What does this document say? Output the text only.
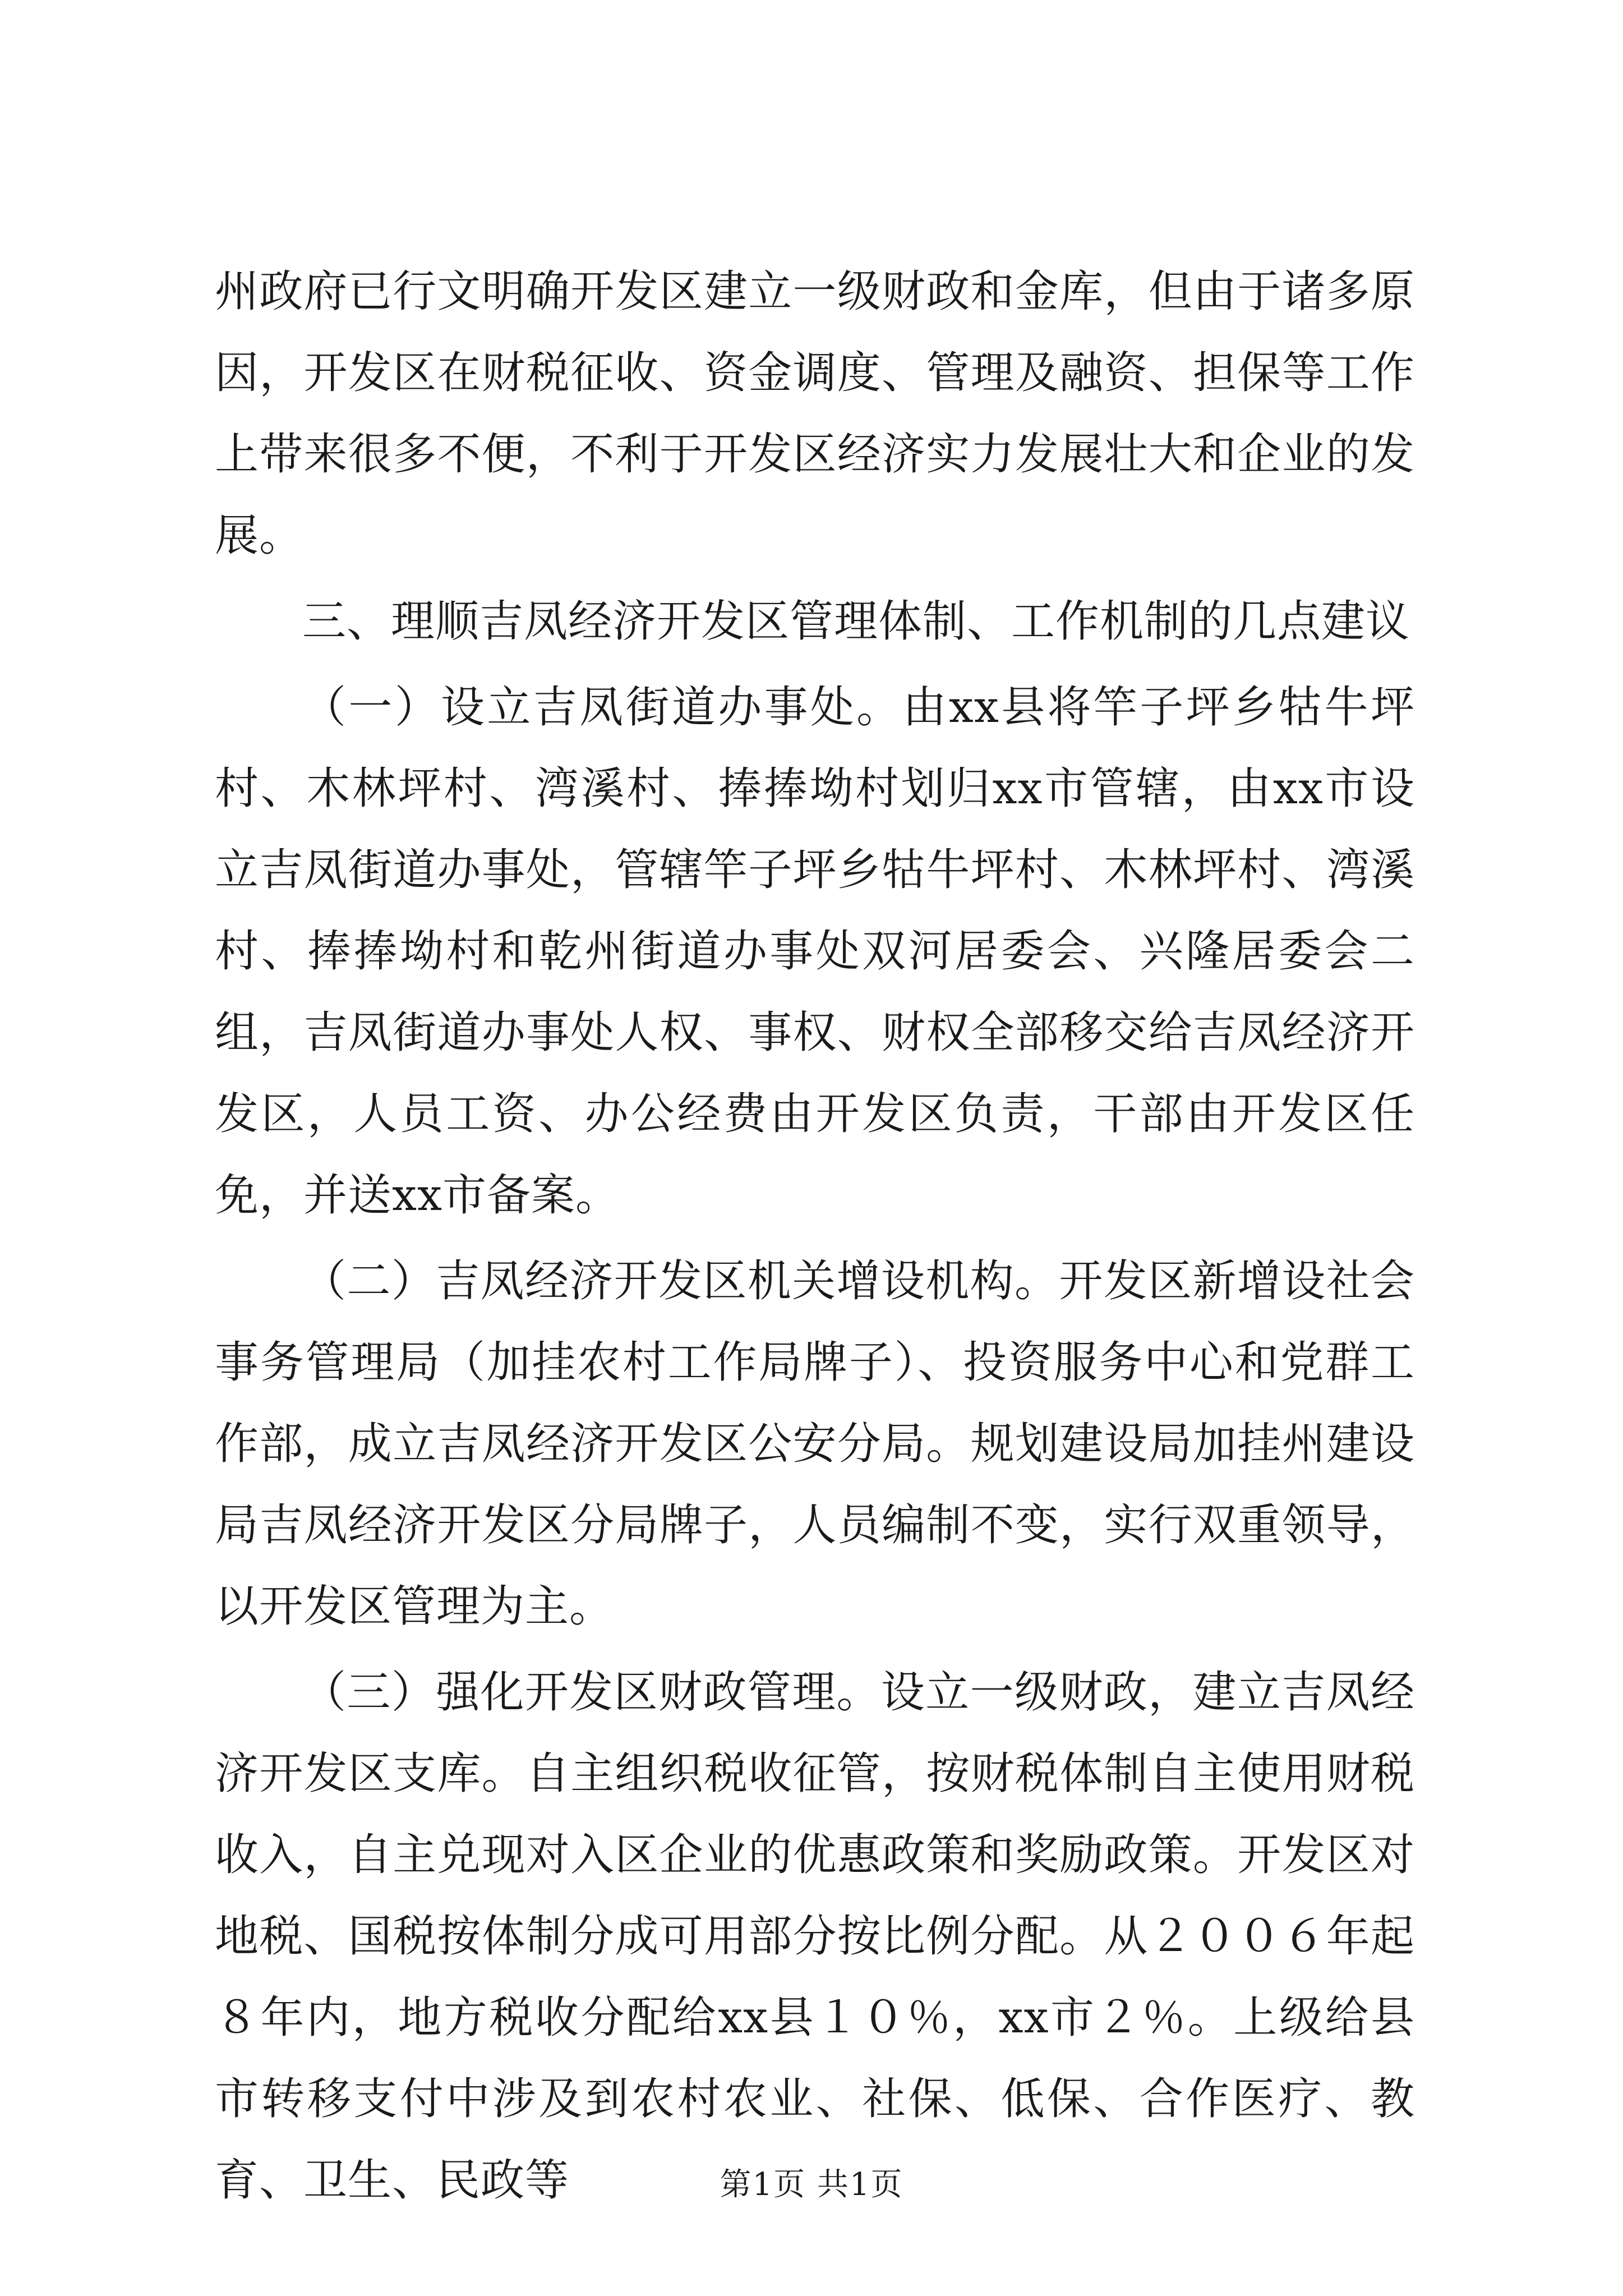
州政府已行文明确开发区建立一级财政和金库，但由于诸多原因，开发区在财税征收、资金调度、管理及融资、担保等工作上带来很多不便，不利于开发区经济实力发展壮大和企业的发展。

三、理顺吉凤经济开发区管理体制、工作机制的几点建议

（一）设立吉凤街道办事处。由xx县将竿子坪乡牯牛坪村、木林坪村、湾溪村、捧捧坳村划归xx市管辖，由xx市设立吉凤街道办事处，管辖竿子坪乡牯牛坪村、木林坪村、湾溪村、捧捧坳村和乾州街道办事处双河居委会、兴隆居委会二组，吉凤街道办事处人权、事权、财权全部移交给吉凤经济开发区，人员工资、办公经费由开发区负责，干部由开发区任免，并送xx市备案。

（二）吉凤经济开发区机关增设机构。开发区新增设社会事务管理局（加挂农村工作局牌子）、投资服务中心和党群工作部，成立吉凤经济开发区公安分局。规划建设局加挂州建设局吉凤经济开发区分局牌子，人员编制不变，实行双重领导，以开发区管理为主。

（三）强化开发区财政管理。设立一级财政，建立吉凤经济开发区支库。自主组织税收征管，按财税体制自主使用财税收入，自主兑现对入区企业的优惠政策和奖励政策。开发区对地税、国税按体制分成可用部分按比例分配。从２００６年起８年内，地方税收分配给xx县１０％，xx市２％。上级给县市转移支付中涉及到农村农业、社保、低保、合作医疗、教育、卫生、民政等	第1页 共1页
